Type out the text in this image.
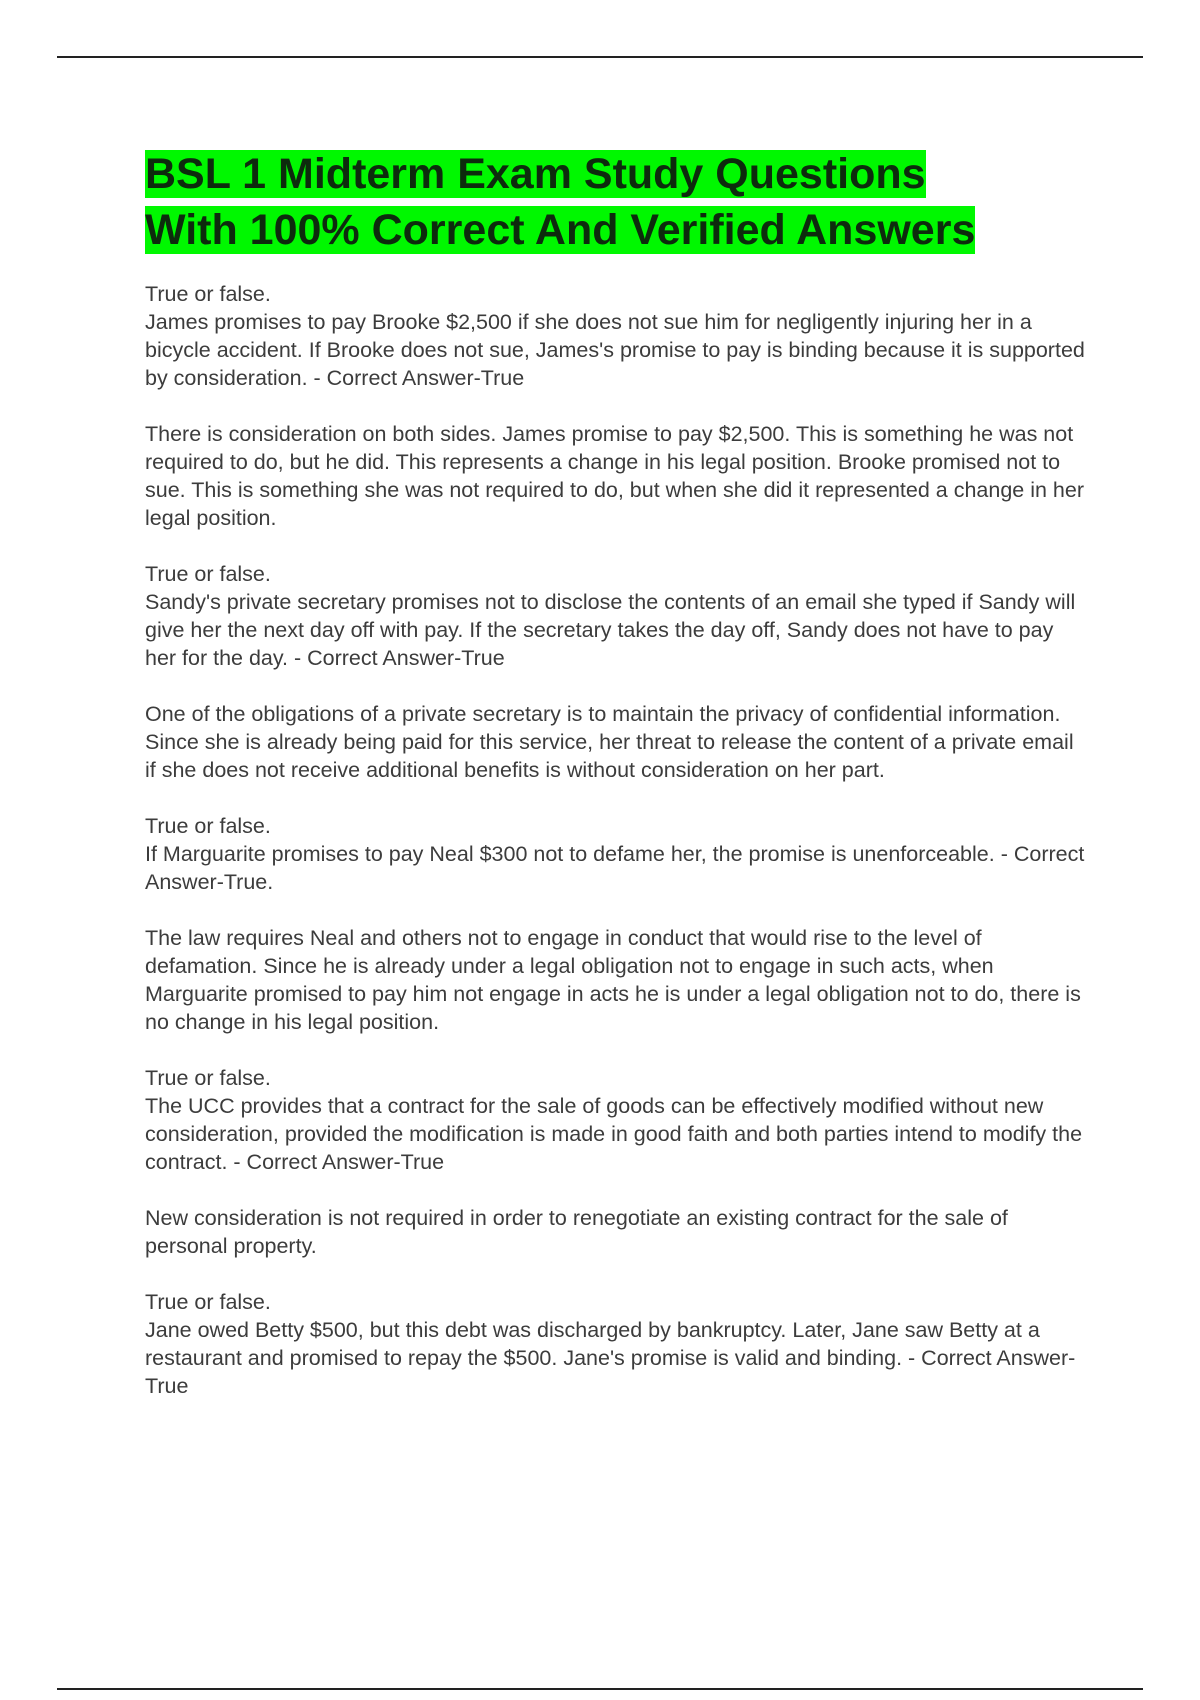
BSL 1 Midterm Exam Study Questions
With 100% Correct And Verified Answers

True or false.

James promises to pay Brooke $2,500 if she does not sue him for negligently injuring her in a bicycle accident. If Brooke does not sue, James's promise to pay is binding because it is supported by consideration. - Correct Answer-True

There is consideration on both sides. James promise to pay $2,500. This is something he was not required to do, but he did. This represents a change in his legal position. Brooke promised not to sue. This is something she was not required to do, but when she did it represented a change in her legal position.

True or false.

Sandy's private secretary promises not to disclose the contents of an email she typed if Sandy will give her the next day off with pay. If the secretary takes the day off, Sandy does not have to pay her for the day. - Correct Answer-True

One of the obligations of a private secretary is to maintain the privacy of confidential information. Since she is already being paid for this service, her threat to release the content of a private email if she does not receive additional benefits is without consideration on her part.

True or false.

If Marguarite promises to pay Neal $300 not to defame her, the promise is unenforceable. - Correct Answer-True.

The law requires Neal and others not to engage in conduct that would rise to the level of defamation. Since he is already under a legal obligation not to engage in such acts, when Marguarite promised to pay him not engage in acts he is under a legal obligation not to do, there is no change in his legal position.

True or false.

The UCC provides that a contract for the sale of goods can be effectively modified without new consideration, provided the modification is made in good faith and both parties intend to modify the contract. - Correct Answer-True

New consideration is not required in order to renegotiate an existing contract for the sale of personal property.

True or false.

Jane owed Betty $500, but this debt was discharged by bankruptcy. Later, Jane saw Betty at a restaurant and promised to repay the $500. Jane's promise is valid and binding. - Correct Answer-True
